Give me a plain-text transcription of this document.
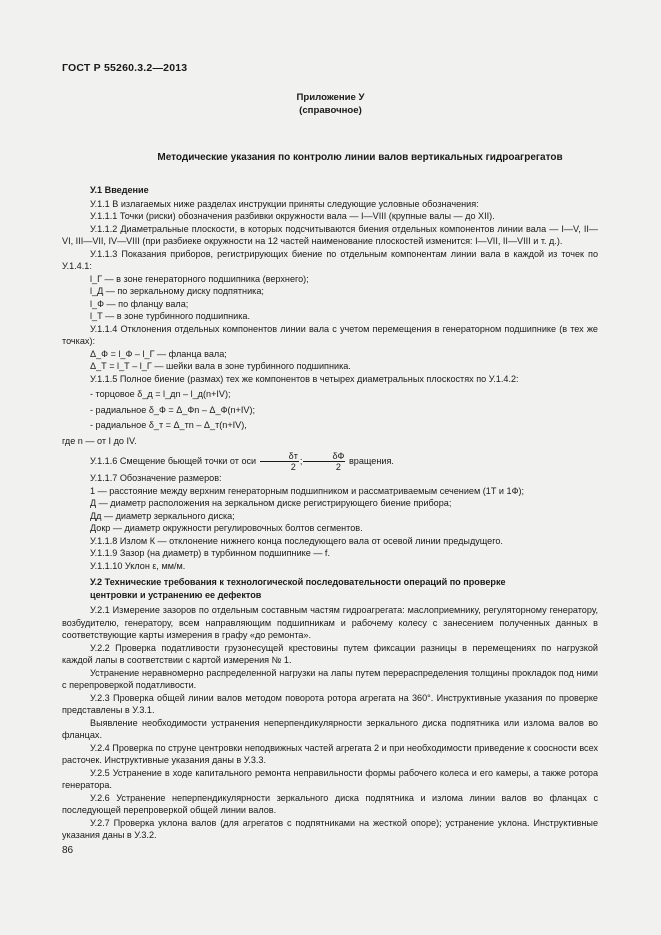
ГОСТ Р 55260.3.2—2013
Приложение У
(справочное)
Методические указания по контролю линии валов вертикальных гидроагрегатов

У.1 Введение

У.1.1 В излагаемых ниже разделах инструкции приняты следующие условные обозначения:

У.1.1.1 Точки (риски) обозначения разбивки окружности вала — I—VIII (крупные валы — до XII).

У.1.1.2 Диаметральные плоскости, в которых подсчитываются биения отдельных компонентов линии вала — I—V, II—VI, III—VII, IV—VIII (при разбиеке окружности на 12 частей наименование плоскостей изменится: I—VII, II—VIII и т. д.).

У.1.1.3 Показания приборов, регистрирующих биение по отдельным компонентам линии вала в каждой из точек по У.1.4.1:

l_Г — в зоне генераторного подшипника (верхнего);

l_Д — по зеркальному диску подпятника;

l_Ф — по фланцу вала;

l_Т — в зоне турбинного подшипника.

У.1.1.4 Отклонения отдельных компонентов линии вала с учетом перемещения в генераторном подшипнике (в тех же точках):

Δ_Ф = l_Ф – l_Г — фланца вала;

Δ_Т = l_Т – l_Г — шейки вала в зоне турбинного подшипника.

У.1.1.5 Полное биение (размах) тех же компонентов в четырех диаметральных плоскостях по У.1.4.2:

- торцовое δ_д = l_дn – l_д(n+IV);

- радиальное δ_Ф = Δ_Фn – Δ_Ф(n+IV);

- радиальное δ_т = Δ_тn – Δ_т(n+IV),

где n — от I до IV.

У.1.1.6 Смещение бьющей точки от оси $\frac{\delta т}{2}$ ; $\frac{\delta Ф}{2}$ вращения.

У.1.1.7 Обозначение размеров:

1 — расстояние между верхним генераторным подшипником и рассматриваемым сечением (1Т и 1Ф);

Д — диаметр расположения на зеркальном диске регистрирующего биение прибора;

Дд — диаметр зеркального диска;

Докр — диаметр окружности регулировочных болтов сегментов.

У.1.1.8 Излом К — отклонение нижнего конца последующего вала от осевой линии предыдущего.

У.1.1.9 Зазор (на диаметр) в турбинном подшипнике — f.

У.1.1.10 Уклон ε, мм/м.

У.2 Технические требования к технологической последовательности операций по проверке

центровки и устранению ее дефектов

У.2.1 Измерение зазоров по отдельным составным частям гидроагрегата: маслоприемнику, регуляторному генератору, возбудителю, генератору, всем направляющим подшипникам и рабочему колесу с занесением полученных данных в соответствующие карты измерения в графу «до ремонта».

У.2.2 Проверка податливости грузонесущей крестовины путем фиксации разницы в перемещениях по нагрузкой каждой лапы в соответствии с картой измерения № 1.

Устранение неравномерно распределенной нагрузки на лапы путем перераспределения толщины прокладок под ними с перепроверкой податливости.

У.2.3 Проверка общей линии валов методом поворота ротора агрегата на 360°. Инструктивные указания по проверке представлены в У.3.1.

Выявление необходимости устранения неперпендикулярности зеркального диска подпятника или излома валов во фланцах.

У.2.4 Проверка по струне центровки неподвижных частей агрегата 2 и при необходимости приведение к соосности всех расточек. Инструктивные указания даны в У.3.3.

У.2.5 Устранение в ходе капитального ремонта неправильности формы рабочего колеса и его камеры, а также ротора генератора.

У.2.6 Устранение неперпендикулярности зеркального диска подпятника и излома линии валов во фланцах с последующей перепроверкой общей линии валов.

У.2.7 Проверка уклона валов (для агрегатов с подпятниками на жесткой опоре); устранение уклона. Инструктивные указания даны в У.3.2.

86
